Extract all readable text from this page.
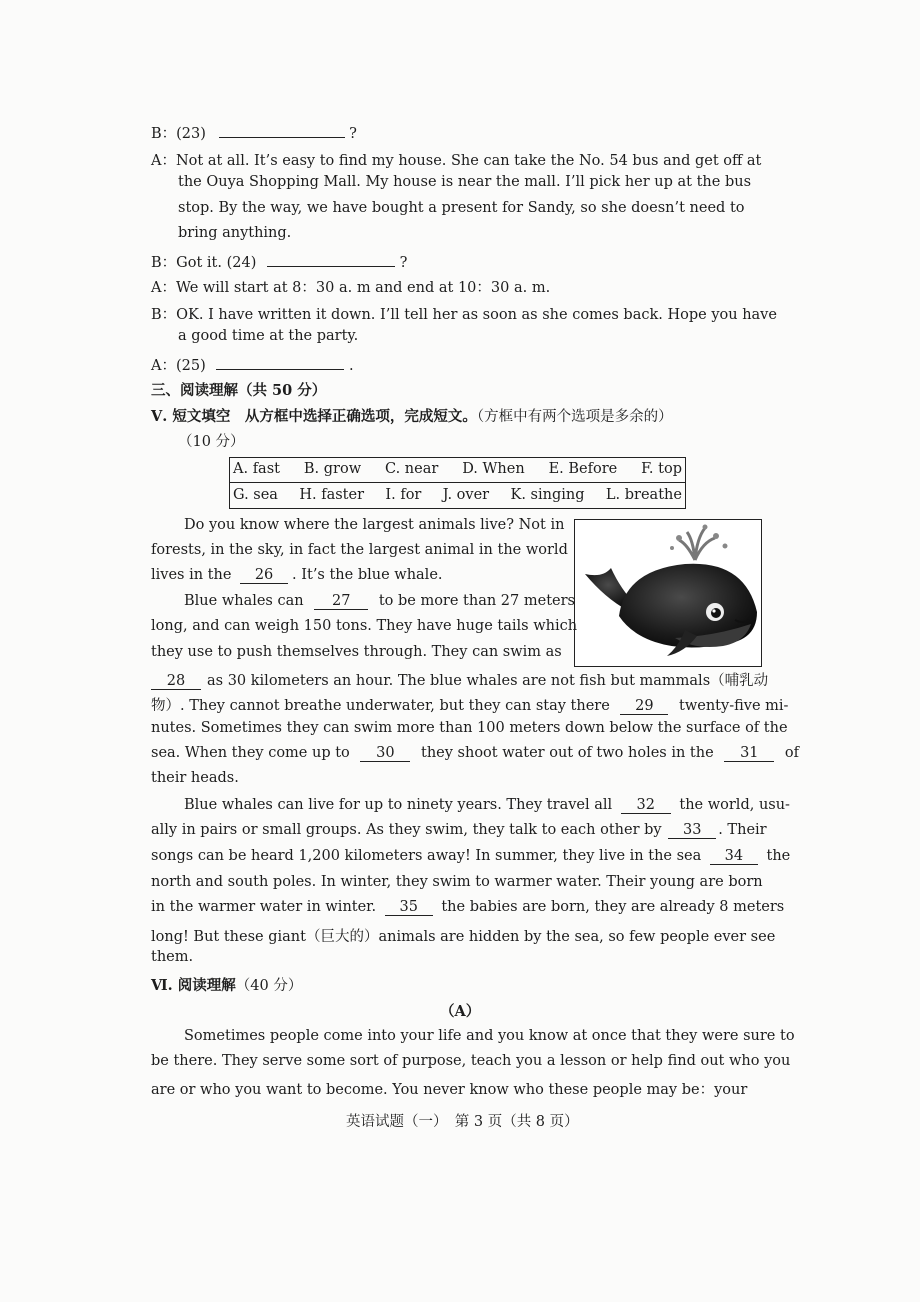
B：(23)	?
A：Not at all. It’s easy to find my house. She can take the No. 54 bus and get off at
the Ouya Shopping Mall. My house is near the mall. I’ll pick her up at the bus
stop. By the way, we have bought a present for Sandy, so she doesn’t need to
bring anything.
B：Got it. (24)	?
A：We will start at 8：30 a. m and end at 10：30 a. m.
B：OK. I have written it down. I’ll tell her as soon as she comes back. Hope you have
a good time at the party.
A：(25)	.
三、阅读理解（共 50 分）
Ⅴ. 短文填空　从方框中选择正确选项，完成短文。（方框中有两个选项是多余的）
（10 分）
A. fast B. grow C. near D. When E. Before F. top
G. sea H. faster I. for J. over K. singing L. breathe
Do you know where the largest animals live? Not in
forests, in the sky, in fact the largest animal in the world
lives in the 26 . It’s the blue whale.
Blue whales can 27 to be more than 27 meters
long, and can weigh 150 tons. They have huge tails which
they use to push themselves through. They can swim as
28 as 30 kilometers an hour. The blue whales are not fish but mammals（哺乳动
物）. They cannot breathe underwater, but they can stay there 29 twenty-five mi-
nutes. Sometimes they can swim more than 100 meters down below the surface of the
sea. When they come up to 30 they shoot water out of two holes in the 31 of
their heads.
Blue whales can live for up to ninety years. They travel all 32 the world, usu-
ally in pairs or small groups. As they swim, they talk to each other by 33 . Their
songs can be heard 1,200 kilometers away! In summer, they live in the sea 34 the
north and south poles. In winter, they swim to warmer water. Their young are born
in the warmer water in winter. 35 the babies are born, they are already 8 meters
long! But these giant（巨大的）animals are hidden by the sea, so few people ever see
them.
Ⅵ. 阅读理解（40 分）
（A）
Sometimes people come into your life and you know at once that they were sure to
be there. They serve some sort of purpose, teach you a lesson or help find out who you
are or who you want to become. You never know who these people may be：your
英语试题（一）　第 3 页（共 8 页）
